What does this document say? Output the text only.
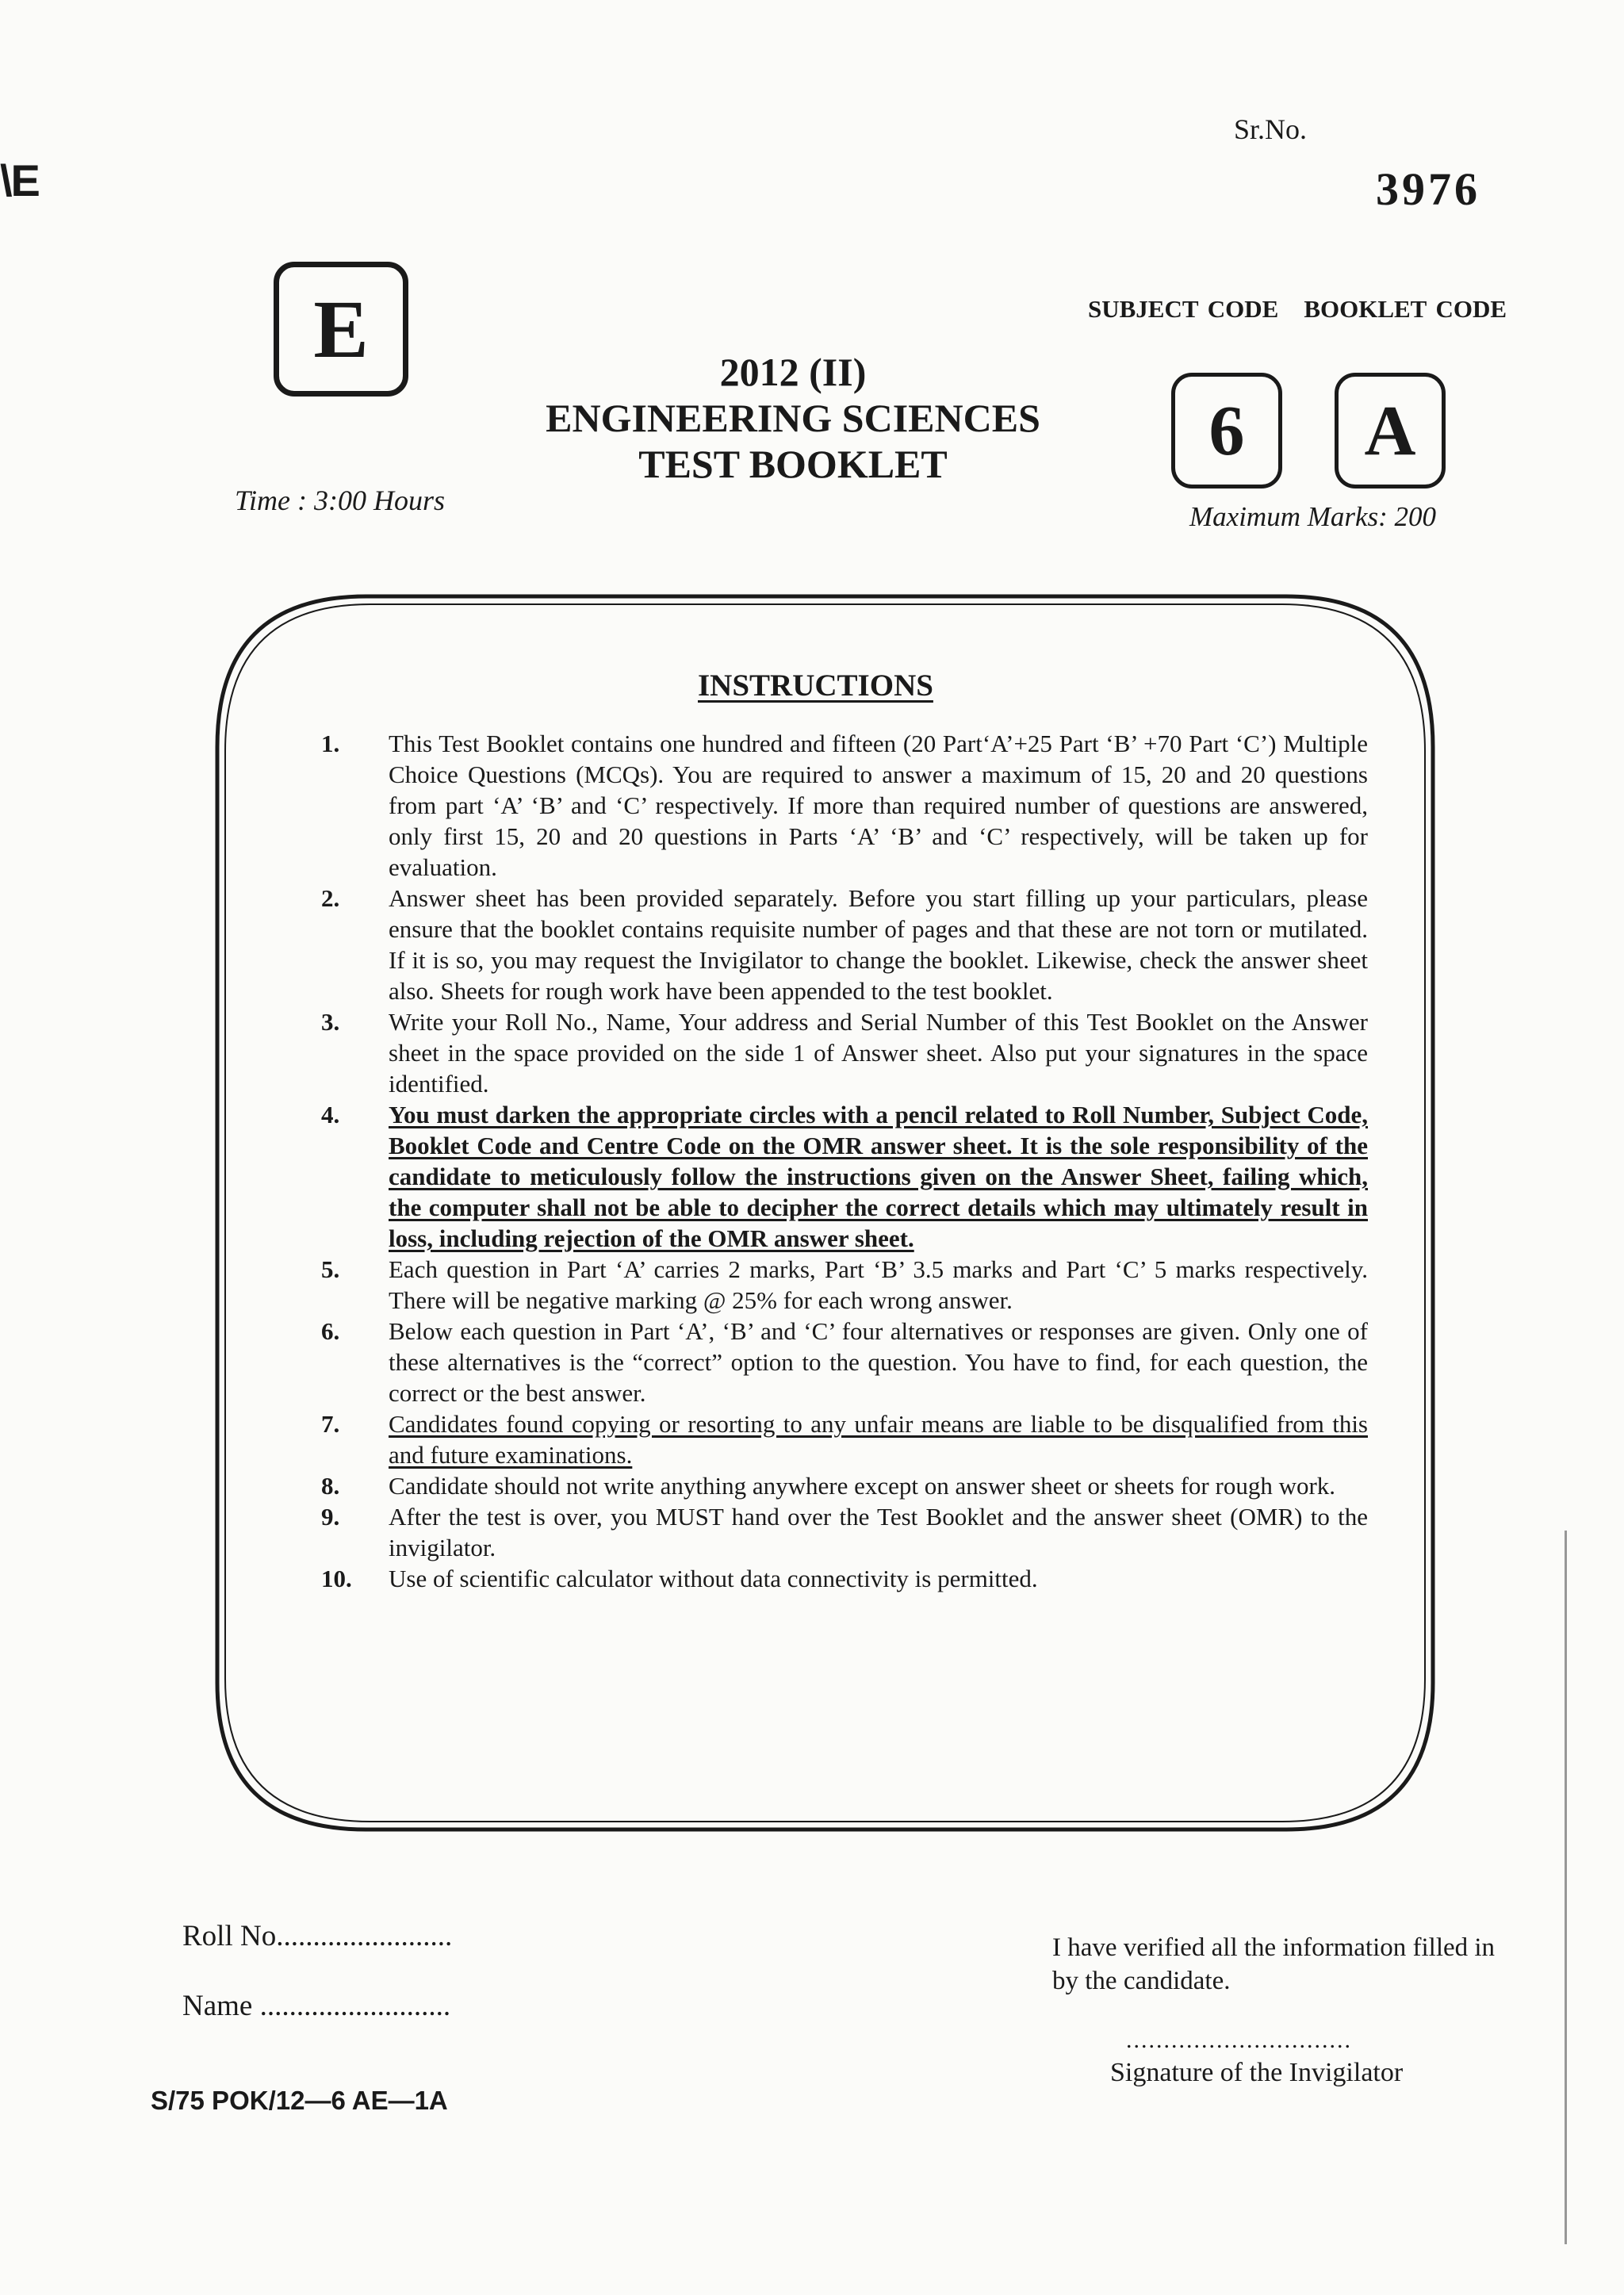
\E
Sr.No.
3976
E	SUBJECT CODE BOOKLET CODE
6	A
2012 (II)
ENGINEERING SCIENCES
TEST BOOKLET
Time : 3:00 Hours
Maximum Marks: 200
INSTRUCTIONS
1. This Test Booklet contains one hundred and fifteen (20 Part‘A’+25 Part ‘B’ +70 Part ‘C’) Multiple Choice Questions (MCQs). You are required to answer a maximum of 15, 20 and 20 questions from part ‘A’ ‘B’ and ‘C’ respectively. If more than required number of questions are answered, only first 15, 20 and 20 questions in Parts ‘A’ ‘B’ and ‘C’ respectively, will be taken up for evaluation.
2. Answer sheet has been provided separately. Before you start filling up your particulars, please ensure that the booklet contains requisite number of pages and that these are not torn or mutilated. If it is so, you may request the Invigilator to change the booklet. Likewise, check the answer sheet also. Sheets for rough work have been appended to the test booklet.
3. Write your Roll No., Name, Your address and Serial Number of this Test Booklet on the Answer sheet in the space provided on the side 1 of Answer sheet. Also put your signatures in the space identified.
4. You must darken the appropriate circles with a pencil related to Roll Number, Subject Code, Booklet Code and Centre Code on the OMR answer sheet. It is the sole responsibility of the candidate to meticulously follow the instructions given on the Answer Sheet, failing which, the computer shall not be able to decipher the correct details which may ultimately result in loss, including rejection of the OMR answer sheet.
5. Each question in Part ‘A’ carries 2 marks, Part ‘B’ 3.5 marks and Part ‘C’ 5 marks respectively. There will be negative marking @ 25% for each wrong answer.
6. Below each question in Part ‘A’, ‘B’ and ‘C’ four alternatives or responses are given. Only one of these alternatives is the “correct” option to the question. You have to find, for each question, the correct or the best answer.
7. Candidates found copying or resorting to any unfair means are liable to be disqualified from this and future examinations.
8. Candidate should not write anything anywhere except on answer sheet or sheets for rough work.
9. After the test is over, you MUST hand over the Test Booklet and the answer sheet (OMR) to the invigilator.
10. Use of scientific calculator without data connectivity is permitted.
Roll No........................
Name ..........................
I have verified all the information filled in by the candidate.
..............................
Signature of the Invigilator
S/75 POK/12—6 AE—1A
